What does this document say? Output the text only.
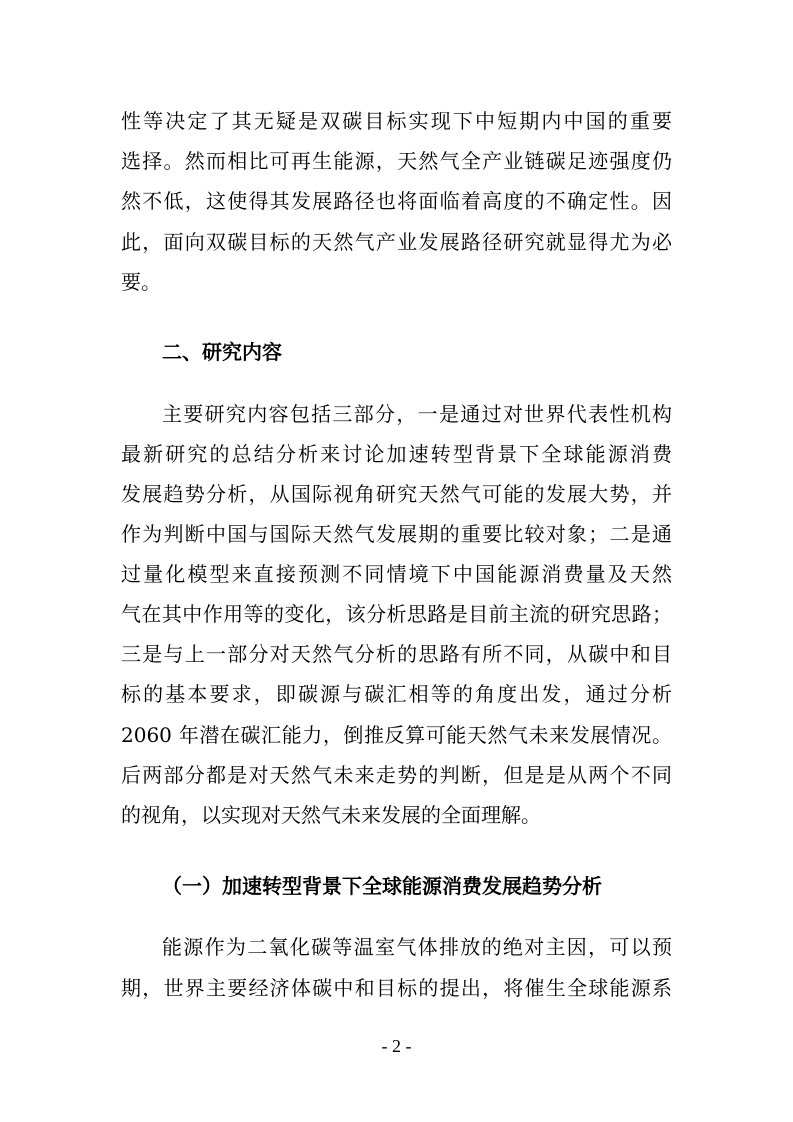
性等决定了其无疑是双碳目标实现下中短期内中国的重要
选择。然而相比可再生能源，天然气全产业链碳足迹强度仍
然不低，这使得其发展路径也将面临着高度的不确定性。因
此，面向双碳目标的天然气产业发展路径研究就显得尤为必
要。
二、研究内容
主要研究内容包括三部分，一是通过对世界代表性机构
最新研究的总结分析来讨论加速转型背景下全球能源消费
发展趋势分析，从国际视角研究天然气可能的发展大势，并
作为判断中国与国际天然气发展期的重要比较对象；二是通
过量化模型来直接预测不同情境下中国能源消费量及天然
气在其中作用等的变化，该分析思路是目前主流的研究思路；
三是与上一部分对天然气分析的思路有所不同，从碳中和目
标的基本要求，即碳源与碳汇相等的角度出发，通过分析
2060 年潜在碳汇能力，倒推反算可能天然气未来发展情况。
后两部分都是对天然气未来走势的判断，但是是从两个不同
的视角，以实现对天然气未来发展的全面理解。
（一）加速转型背景下全球能源消费发展趋势分析
能源作为二氧化碳等温室气体排放的绝对主因，可以预
期，世界主要经济体碳中和目标的提出，将催生全球能源系
- 2 -
